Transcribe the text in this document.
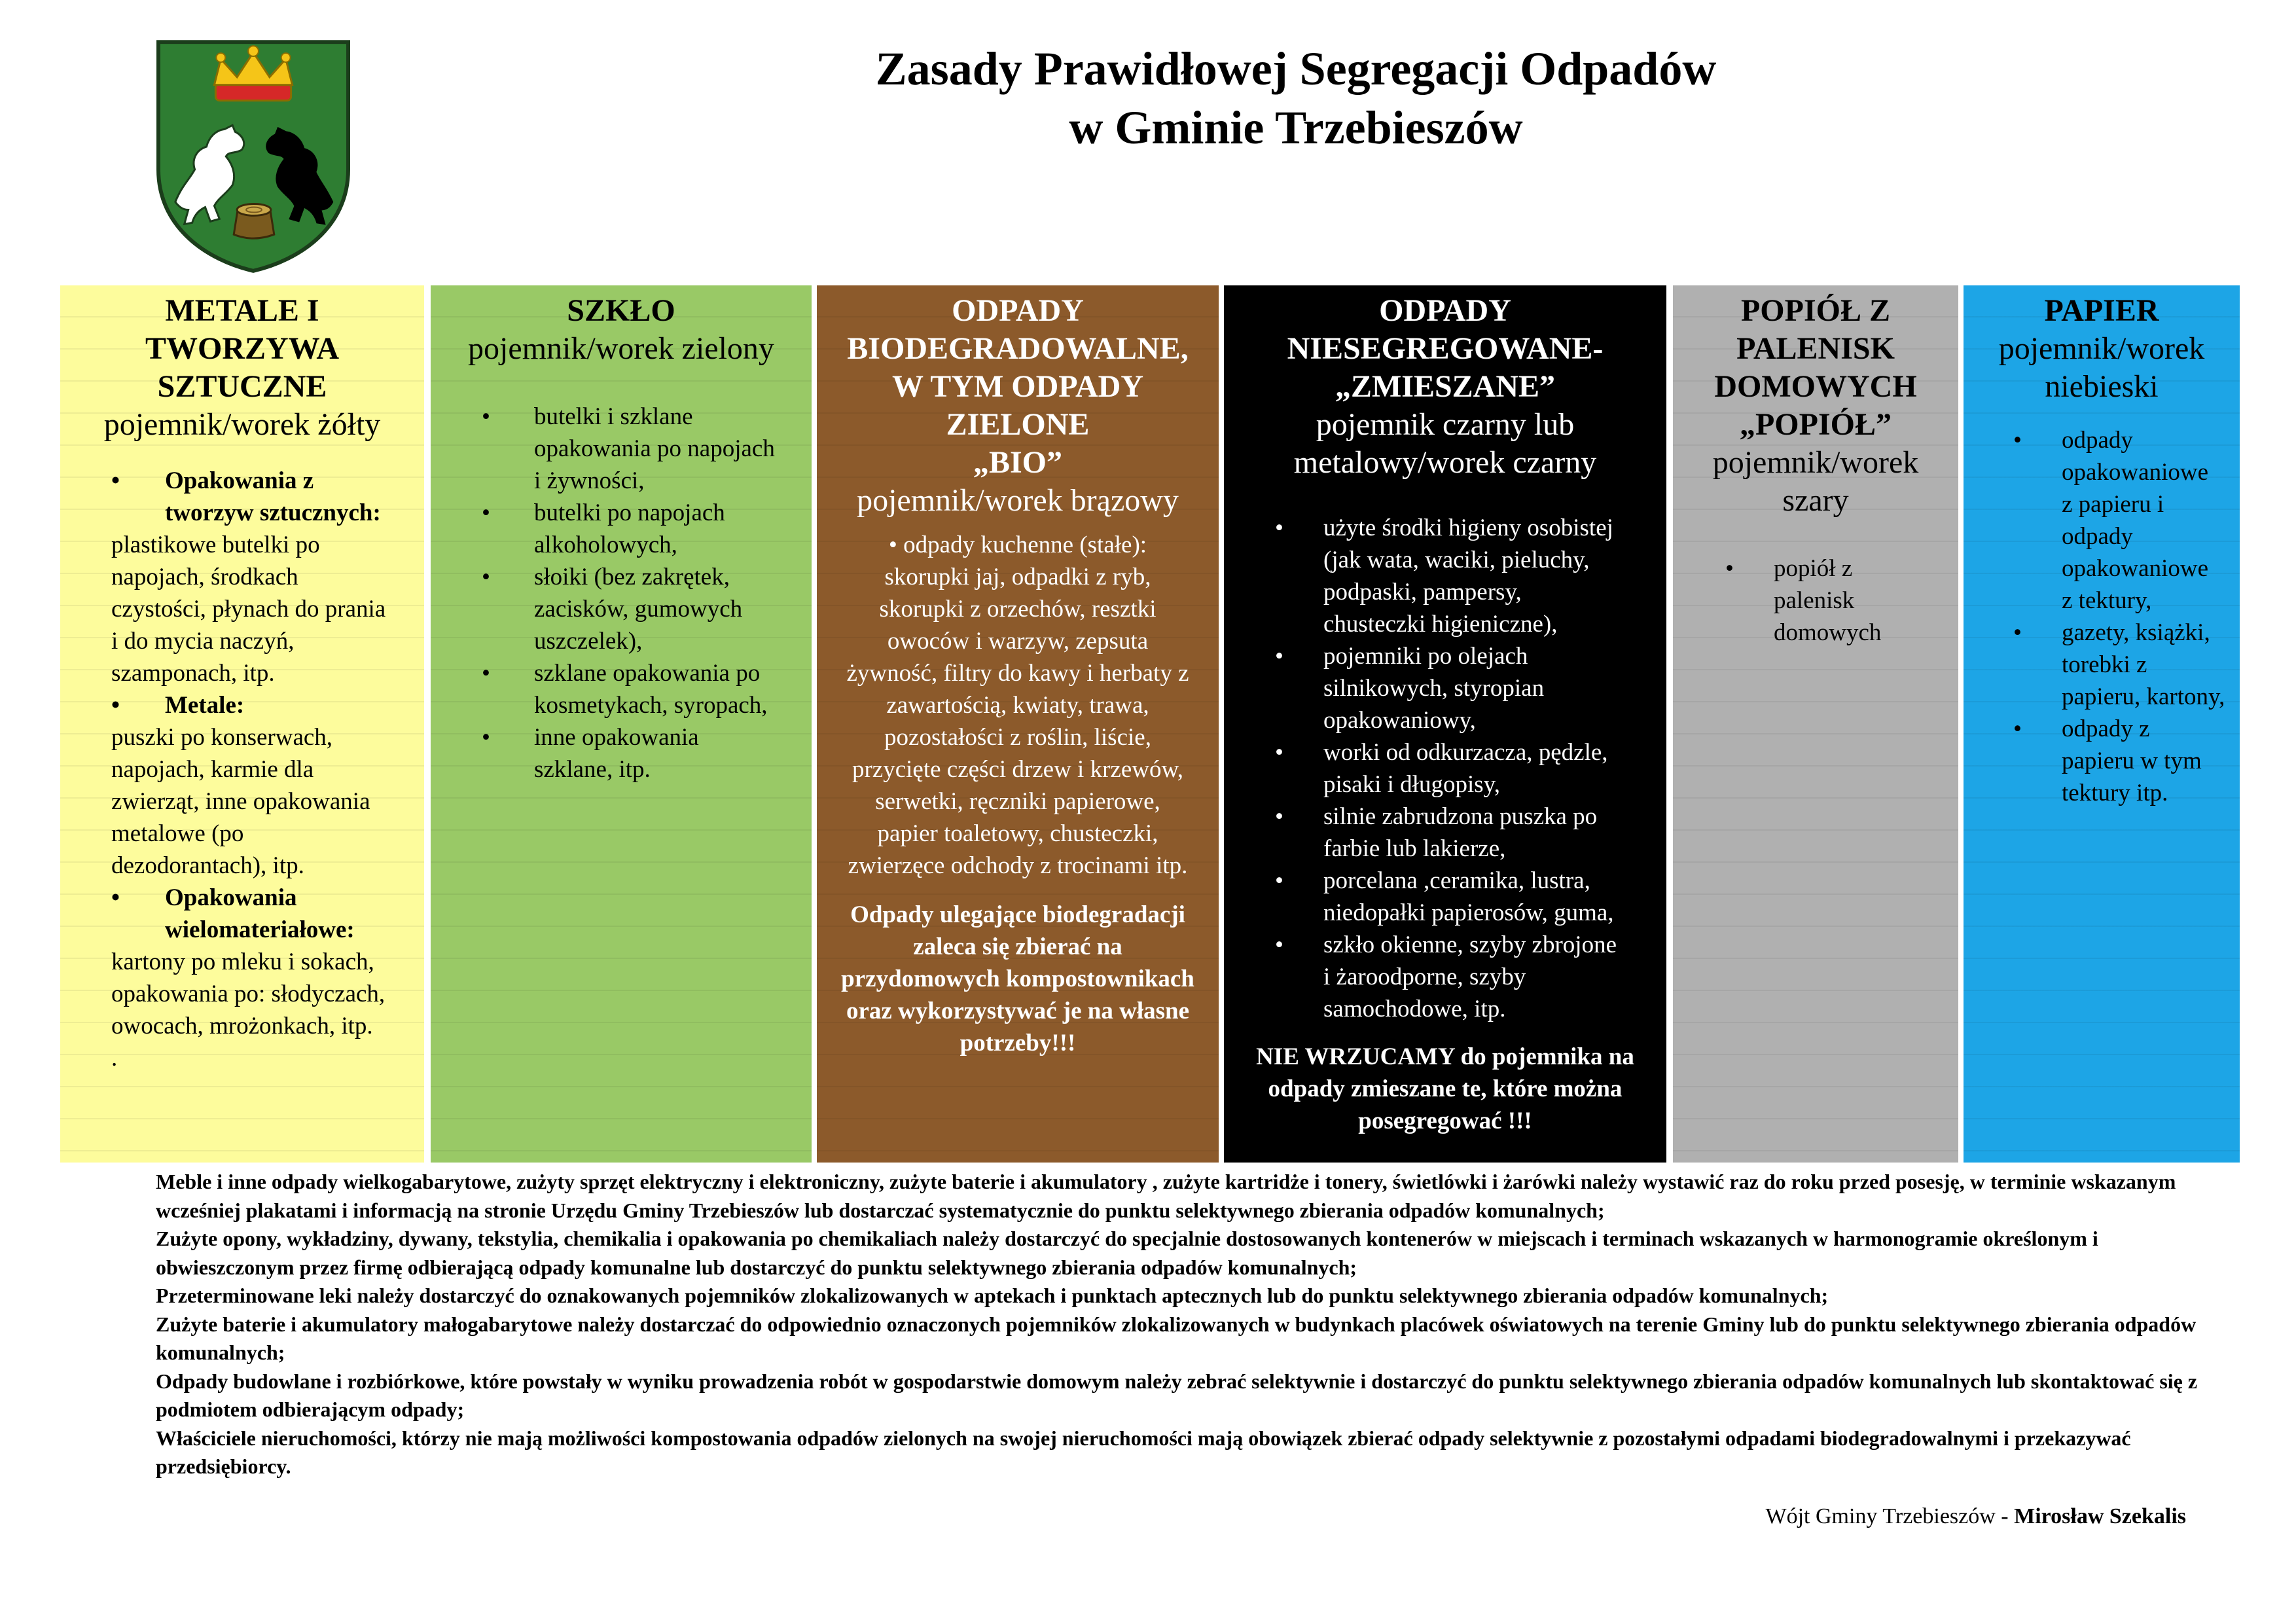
Zasady Prawidłowej Segregacji Odpadów
w Gminie Trzebieszów
METALE I
TWORZYWA
SZTUCZNE
pojemnik/worek żółty
• Opakowania z
tworzyw sztucznych:
plastikowe butelki po
napojach, środkach
czystości, płynach do prania
i do mycia naczyń,
szamponach, itp.
• Metale:
puszki po konserwach,
napojach, karmie dla
zwierząt, inne opakowania
metalowe (po
dezodorantach), itp.
• Opakowania
wielomateriałowe:
kartony po mleku i sokach,
opakowania po: słodyczach,
owocach, mrożonkach, itp.
.
SZKŁO
pojemnik/worek zielony
• butelki i szklane
opakowania po napojach
i żywności,
• butelki po napojach
alkoholowych,
• słoiki (bez zakrętek,
zacisków, gumowych
uszczelek),
• szklane opakowania po
kosmetykach, syropach,
• inne opakowania
szklane, itp.
ODPADY
BIODEGRADOWALNE,
W TYM ODPADY
ZIELONE
„BIO”
pojemnik/worek brązowy
• odpady kuchenne (stałe):
skorupki jaj, odpadki z ryb,
skorupki z orzechów, resztki
owoców i warzyw, zepsuta
żywność, filtry do kawy i herbaty z
zawartością, kwiaty, trawa,
pozostałości z roślin, liście,
przycięte części drzew i krzewów,
serwetki, ręczniki papierowe,
papier toaletowy, chusteczki,
zwierzęce odchody z trocinami itp.
Odpady ulegające biodegradacji
zaleca się zbierać na
przydomowych kompostownikach
oraz wykorzystywać je na własne
potrzeby!!!
ODPADY
NIESEGREGOWANE-
„ZMIESZANE”
pojemnik czarny lub
metalowy/worek czarny
• użyte środki higieny osobistej
(jak wata, waciki, pieluchy,
podpaski, pampersy,
chusteczki higieniczne),
• pojemniki po olejach
silnikowych, styropian
opakowaniowy,
• worki od odkurzacza, pędzle,
pisaki i długopisy,
• silnie zabrudzona puszka po
farbie lub lakierze,
• porcelana ,ceramika, lustra,
niedopałki papierosów, guma,
• szkło okienne, szyby zbrojone
i żaroodporne, szyby
samochodowe, itp.
NIE WRZUCAMY do pojemnika na
odpady zmieszane te, które można
posegregować !!!
POPIÓŁ Z
PALENISK
DOMOWYCH
„POPIÓŁ”
pojemnik/worek
szary
• popiół z
palenisk
domowych
PAPIER
pojemnik/worek
niebieski
• odpady
opakowaniowe
z papieru i
odpady
opakowaniowe
z tektury,
• gazety, książki,
torebki z
papieru, kartony,
• odpady z
papieru w tym
tektury itp.

Meble i inne odpady wielkogabarytowe, zużyty sprzęt elektryczny i elektroniczny, zużyte baterie i akumulatory , zużyte kartridże i tonery, świetlówki i żarówki należy wystawić raz do roku przed posesję, w terminie wskazanym wcześniej plakatami i informacją na stronie Urzędu Gminy Trzebieszów lub dostarczać systematycznie do punktu selektywnego zbierania odpadów komunalnych;

Zużyte opony, wykładziny, dywany, tekstylia, chemikalia i opakowania po chemikaliach należy dostarczyć do specjalnie dostosowanych kontenerów w miejscach i terminach wskazanych w harmonogramie określonym i obwieszczonym przez firmę odbierającą odpady komunalne lub dostarczyć do punktu selektywnego zbierania odpadów komunalnych;

Przeterminowane leki należy dostarczyć do oznakowanych pojemników zlokalizowanych w aptekach i punktach aptecznych lub do punktu selektywnego zbierania odpadów komunalnych;

Zużyte baterie i akumulatory małogabarytowe należy dostarczać do odpowiednio oznaczonych pojemników zlokalizowanych w budynkach placówek oświatowych na terenie Gminy lub do punktu selektywnego zbierania odpadów komunalnych;

Odpady budowlane i rozbiórkowe, które powstały w wyniku prowadzenia robót w gospodarstwie domowym należy zebrać selektywnie i dostarczyć do punktu selektywnego zbierania odpadów komunalnych lub skontaktować się z podmiotem odbierającym odpady;

Właściciele nieruchomości, którzy nie mają możliwości kompostowania odpadów zielonych na swojej nieruchomości mają obowiązek zbierać odpady selektywnie z pozostałymi odpadami biodegradowalnymi i przekazywać przedsiębiorcy.

Wójt Gminy Trzebieszów - Mirosław Szekalis
